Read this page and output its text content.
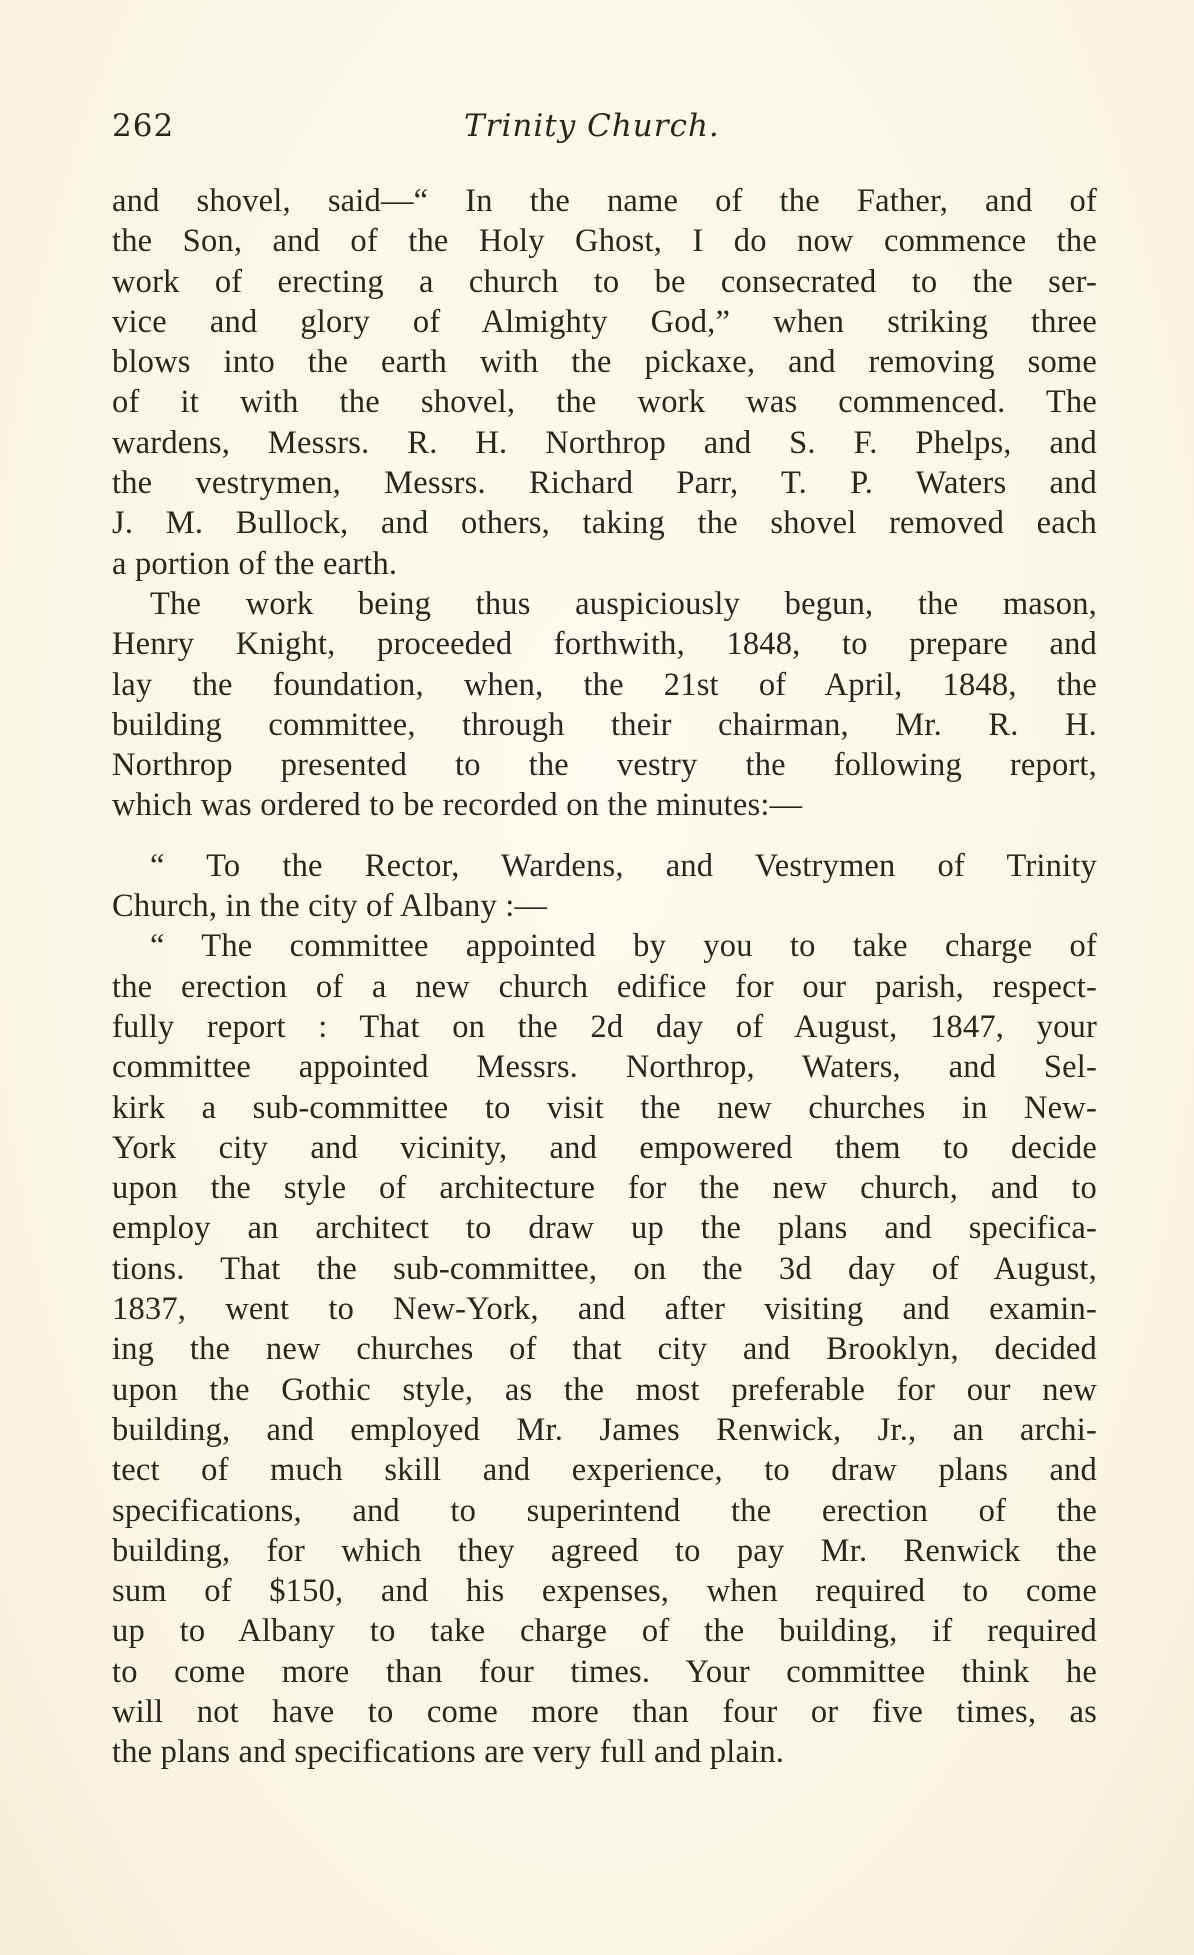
262	Trinity Church.
and shovel, said—“ In the name of the Father, and of
the Son, and of the Holy Ghost, I do now commence the
work of erecting a church to be consecrated to the ser-
vice and glory of Almighty God,” when striking three
blows into the earth with the pickaxe, and removing some
of it with the shovel, the work was commenced. The
wardens, Messrs. R. H. Northrop and S. F. Phelps, and
the vestrymen, Messrs. Richard Parr, T. P. Waters and
J. M. Bullock, and others, taking the shovel removed each
a portion of the earth.
The work being thus auspiciously begun, the mason,
Henry Knight, proceeded forthwith, 1848, to prepare and
lay the foundation, when, the 21st of April, 1848, the
building committee, through their chairman, Mr. R. H.
Northrop presented to the vestry the following report,
which was ordered to be recorded on the minutes:—
“ To the Rector, Wardens, and Vestrymen of Trinity
Church, in the city of Albany :—
“ The committee appointed by you to take charge of
the erection of a new church edifice for our parish, respect-
fully report : That on the 2d day of August, 1847, your
committee appointed Messrs. Northrop, Waters, and Sel-
kirk a sub-committee to visit the new churches in New-
York city and vicinity, and empowered them to decide
upon the style of architecture for the new church, and to
employ an architect to draw up the plans and specifica-
tions. That the sub-committee, on the 3d day of August,
1837, went to New-York, and after visiting and examin-
ing the new churches of that city and Brooklyn, decided
upon the Gothic style, as the most preferable for our new
building, and employed Mr. James Renwick, Jr., an archi-
tect of much skill and experience, to draw plans and
specifications, and to superintend the erection of the
building, for which they agreed to pay Mr. Renwick the
sum of $150, and his expenses, when required to come
up to Albany to take charge of the building, if required
to come more than four times. Your committee think he
will not have to come more than four or five times, as
the plans and specifications are very full and plain.
